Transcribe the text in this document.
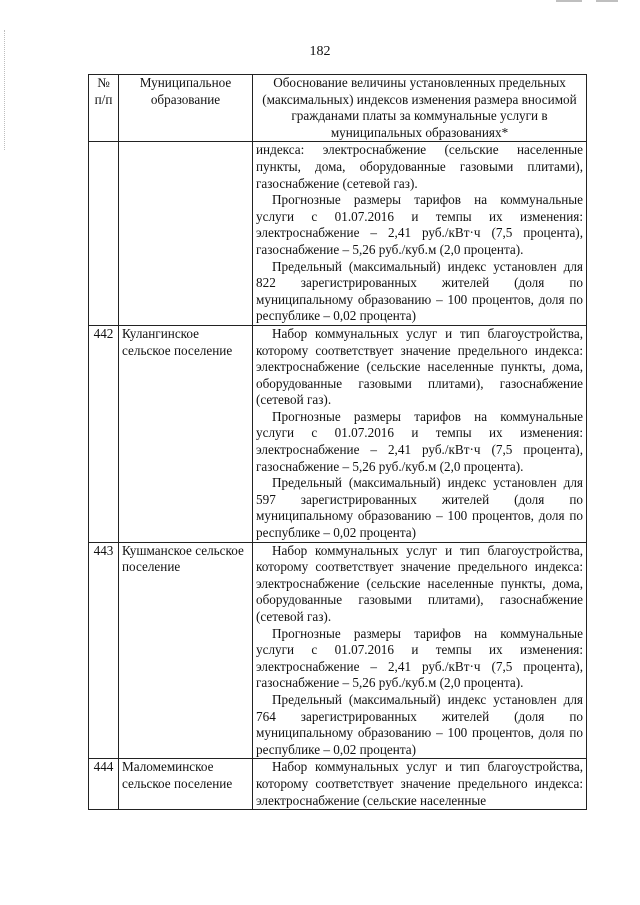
182
№ п/п	Муниципальное образование	Обоснование величины установленных предельных (максимальных) индексов изменения размера вносимой гражданами платы за коммунальные услуги в муниципальных образованиях*

		индекса: электроснабжение (сельские населенные пункты, дома, оборудованные газовыми плитами), газоснабжение (сетевой газ).

Прогнозные размеры тарифов на коммунальные услуги с 01.07.2016 и темпы их изменения: электроснабжение – 2,41 руб./кВт·ч (7,5 процента), газоснабжение – 5,26 руб./куб.м (2,0 процента).

Предельный (максимальный) индекс установлен для 822 зарегистрированных жителей (доля по муниципальному образованию – 100 процентов, доля по республике – 0,02 процента)

442	Кулангинское сельское поселение	Набор коммунальных услуг и тип благоустройства, которому соответствует значение предельного индекса: электроснабжение (сельские населенные пункты, дома, оборудованные газовыми плитами), газоснабжение (сетевой газ).

Прогнозные размеры тарифов на коммунальные услуги с 01.07.2016 и темпы их изменения: электроснабжение – 2,41 руб./кВт·ч (7,5 процента), газоснабжение – 5,26 руб./куб.м (2,0 процента).

Предельный (максимальный) индекс установлен для 597 зарегистрированных жителей (доля по муниципальному образованию – 100 процентов, доля по республике – 0,02 процента)

443	Кушманское сельское поселение	Набор коммунальных услуг и тип благоустройства, которому соответствует значение предельного индекса: электроснабжение (сельские населенные пункты, дома, оборудованные газовыми плитами), газоснабжение (сетевой газ).

Прогнозные размеры тарифов на коммунальные услуги с 01.07.2016 и темпы их изменения: электроснабжение – 2,41 руб./кВт·ч (7,5 процента), газоснабжение – 5,26 руб./куб.м (2,0 процента).

Предельный (максимальный) индекс установлен для 764 зарегистрированных жителей (доля по муниципальному образованию – 100 процентов, доля по республике – 0,02 процента)

444	Маломеминское сельское поселение	Набор коммунальных услуг и тип благоустройства, которому соответствует значение предельного индекса: электроснабжение (сельские населенные
